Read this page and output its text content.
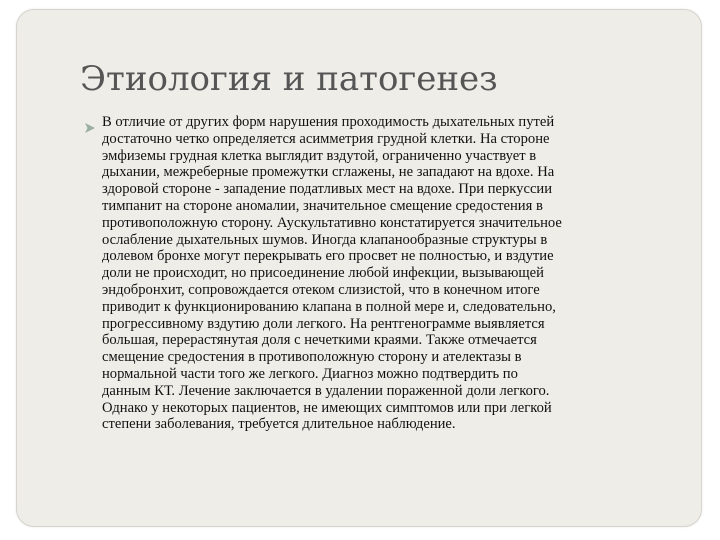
Этиология и патогенез

В отличие от других форм нарушения проходимость дыхательных путей
достаточно четко определяется асимметрия грудной клетки. На стороне
эмфиземы грудная клетка выглядит вздутой, ограниченно участвует в
дыхании, межреберные промежутки сглажены, не западают на вдохе. На
здоровой стороне - западение податливых мест на вдохе. При перкуссии
тимпанит на стороне аномалии, значительное смещение средостения в
противоположную сторону. Аускультативно констатируется значительное
ослабление дыхательных шумов. Иногда клапанообразные структуры в
долевом бронхе могут перекрывать его просвет не полностью, и вздутие
доли не происходит, но присоединение любой инфекции, вызывающей
эндобронхит, сопровождается отеком слизистой, что в конечном итоге
приводит к функционированию клапана в полной мере и, следовательно,
прогрессивному вздутию доли легкого. На рентгенограмме выявляется
большая, перерастянутая доля с нечеткими краями. Также отмечается
смещение средостения в противоположную сторону и ателектазы в
нормальной части того же легкого. Диагноз можно подтвердить по
данным КТ. Лечение заключается в удалении пораженной доли легкого.
Однако у некоторых пациентов, не имеющих симптомов или при легкой
степени заболевания, требуется длительное наблюдение.
